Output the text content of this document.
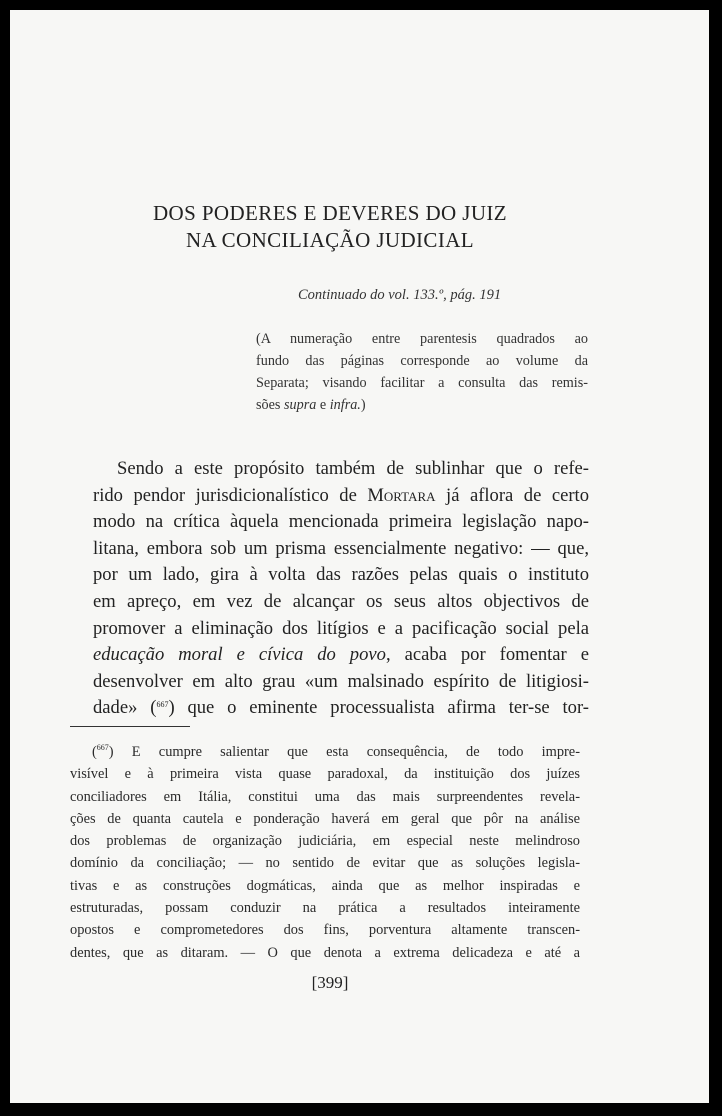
DOS PODERES E DEVERES DO JUIZ
NA CONCILIAÇÃO JUDICIAL
Continuado do vol. 133.º, pág. 191
(A numeração entre parentesis quadrados ao
fundo das páginas corresponde ao volume da
Separata; visando facilitar a consulta das remis-
sões supra e infra.)
Sendo a este propósito também de sublinhar que o refe-
rido pendor jurisdicionalístico de Mortara já aflora de certo
modo na crítica àquela mencionada primeira legislação napo-
litana, embora sob um prisma essencialmente negativo: — que,
por um lado, gira à volta das razões pelas quais o instituto
em apreço, em vez de alcançar os seus altos objectivos de
promover a eliminação dos litígios e a pacificação social pela
educação moral e cívica do povo, acaba por fomentar e
desenvolver em alto grau «um malsinado espírito de litigiosi-
dade» ($^{667}$) que o eminente processualista afirma ter-se tor-
($^{667}$) E cumpre salientar que esta consequência, de todo impre-
visível e à primeira vista quase paradoxal, da instituição dos juízes
conciliadores em Itália, constitui uma das mais surpreendentes revela-
ções de quanta cautela e ponderação haverá em geral que pôr na análise
dos problemas de organização judiciária, em especial neste melindroso
domínio da conciliação; — no sentido de evitar que as soluções legisla-
tivas e as construções dogmáticas, ainda que as melhor inspiradas e
estruturadas, possam conduzir na prática a resultados inteiramente
opostos e comprometedores dos fins, porventura altamente transcen-
dentes, que as ditaram. — O que denota a extrema delicadeza e até a
[399]
